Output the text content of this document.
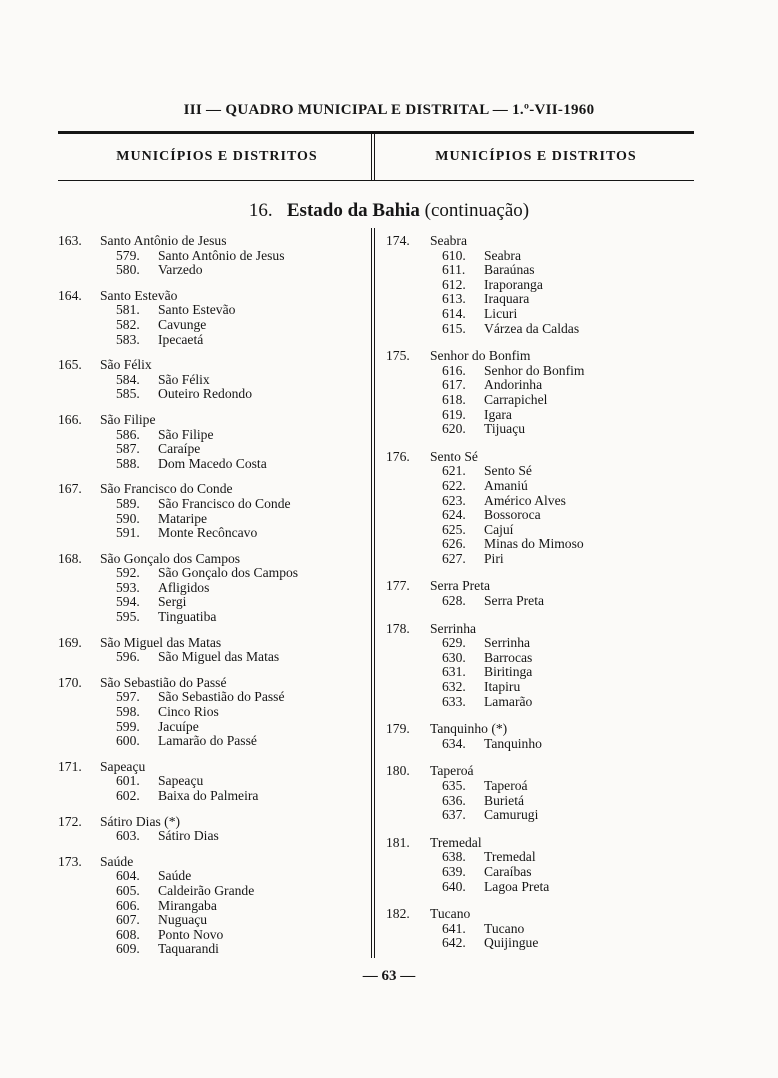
III — QUADRO MUNICIPAL E DISTRITAL — 1.º-VII-1960
MUNICÍPIOS E DISTRITOS	MUNICÍPIOS E DISTRITOS
16. Estado da Bahia (continuação)
163.	Santo Antônio de Jesus
579.	Santo Antônio de Jesus
580.	Varzedo
164.	Santo Estevão
581.	Santo Estevão
582.	Cavunge
583.	Ipecaetá
165.	São Félix
584.	São Félix
585.	Outeiro Redondo
166.	São Filipe
586.	São Filipe
587.	Caraípe
588.	Dom Macedo Costa
167.	São Francisco do Conde
589.	São Francisco do Conde
590.	Mataripe
591.	Monte Recôncavo
168.	São Gonçalo dos Campos
592.	São Gonçalo dos Campos
593.	Afligidos
594.	Sergi
595.	Tinguatiba
169.	São Miguel das Matas
596.	São Miguel das Matas
170.	São Sebastião do Passé
597.	São Sebastião do Passé
598.	Cinco Rios
599.	Jacuípe
600.	Lamarão do Passé
171.	Sapeaçu
601.	Sapeaçu
602.	Baixa do Palmeira
172.	Sátiro Dias (*)
603.	Sátiro Dias
173.	Saúde
604.	Saúde
605.	Caldeirão Grande
606.	Mirangaba
607.	Nuguaçu
608.	Ponto Novo
609.	Taquarandi
174.	Seabra
610.	Seabra
611.	Baraúnas
612.	Iraporanga
613.	Iraquara
614.	Licuri
615.	Várzea da Caldas
175.	Senhor do Bonfim
616.	Senhor do Bonfim
617.	Andorinha
618.	Carrapichel
619.	Igara
620.	Tijuaçu
176.	Sento Sé
621.	Sento Sé
622.	Amaniú
623.	Américo Alves
624.	Bossoroca
625.	Cajuí
626.	Minas do Mimoso
627.	Piri
177.	Serra Preta
628.	Serra Preta
178.	Serrinha
629.	Serrinha
630.	Barrocas
631.	Biritinga
632.	Itapiru
633.	Lamarão
179.	Tanquinho (*)
634.	Tanquinho
180.	Taperoá
635.	Taperoá
636.	Burietá
637.	Camurugi
181.	Tremedal
638.	Tremedal
639.	Caraíbas
640.	Lagoa Preta
182.	Tucano
641.	Tucano
642.	Quijingue
— 63 —
